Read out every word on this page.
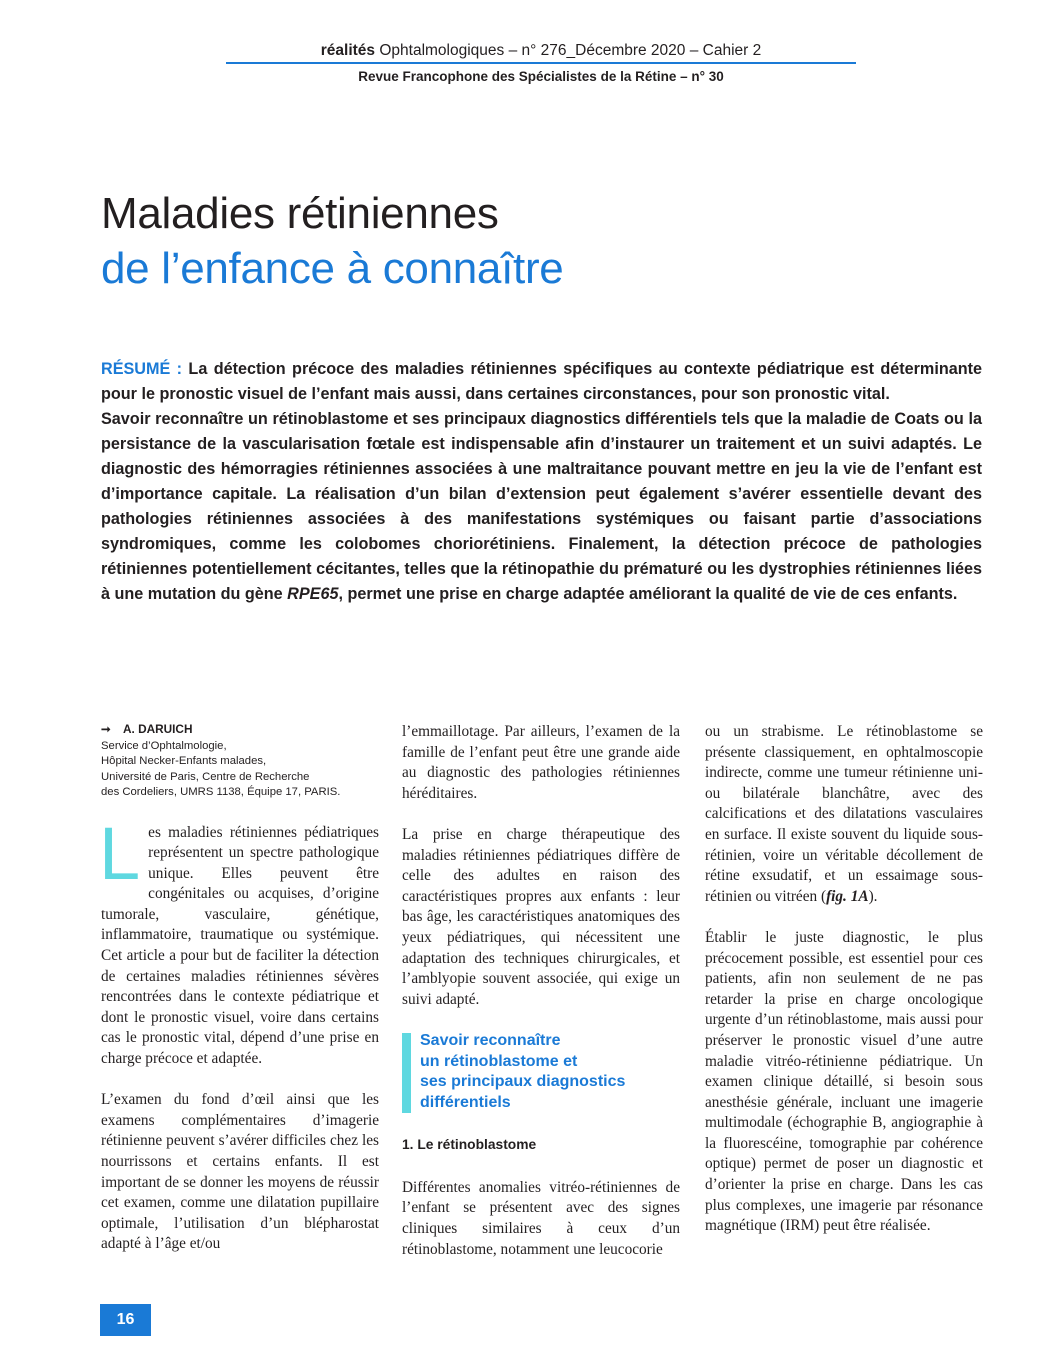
réalités Ophtalmologiques – n° 276_Décembre 2020 – Cahier 2
Revue Francophone des Spécialistes de la Rétine – n° 30
Maladies rétiniennes
de l’enfance à connaître

RÉSUMÉ : La détection précoce des maladies rétiniennes spécifiques au contexte pédiatrique est déterminante pour le pronostic visuel de l’enfant mais aussi, dans certaines circonstances, pour son pronostic vital.

Savoir reconnaître un rétinoblastome et ses principaux diagnostics différentiels tels que la maladie de Coats ou la persistance de la vascularisation fœtale est indispensable afin d’instaurer un traitement et un suivi adaptés. Le diagnostic des hémorragies rétiniennes associées à une maltraitance pouvant mettre en jeu la vie de l’enfant est d’importance capitale. La réalisation d’un bilan d’extension peut également s’avérer essentielle devant des pathologies rétiniennes associées à des manifestations systémiques ou faisant partie d’associations syndromiques, comme les colobomes choriorétiniens. Finalement, la détection précoce de pathologies rétiniennes potentiellement cécitantes, telles que la rétinopathie du prématuré ou les dystrophies rétiniennes liées à une mutation du gène RPE65, permet une prise en charge adaptée améliorant la qualité de vie de ces enfants.

➞ A. DARUICH
Service d’Ophtalmologie,
Hôpital Necker-Enfants malades,
Université de Paris, Centre de Recherche
des Cordeliers, UMRS 1138, Équipe 17, PARIS.

Les maladies rétiniennes pédiatriques représentent un spectre pathologique unique. Elles peuvent être congénitales ou acquises, d’origine tumorale, vasculaire, génétique, inflammatoire, traumatique ou systémique. Cet article a pour but de faciliter la détection de certaines maladies rétiniennes sévères rencontrées dans le contexte pédiatrique et dont le pronostic visuel, voire dans certains cas le pronostic vital, dépend d’une prise en charge précoce et adaptée.

L’examen du fond d’œil ainsi que les examens complémentaires d’imagerie rétinienne peuvent s’avérer difficiles chez les nourrissons et certains enfants. Il est important de se donner les moyens de réussir cet examen, comme une dilatation pupillaire optimale, l’utilisation d’un blépharostat adapté à l’âge et/ou

l’emmaillotage. Par ailleurs, l’examen de la famille de l’enfant peut être une grande aide au diagnostic des pathologies rétiniennes héréditaires.

La prise en charge thérapeutique des maladies rétiniennes pédiatriques diffère de celle des adultes en raison des caractéristiques propres aux enfants : leur bas âge, les caractéristiques anatomiques des yeux pédiatriques, qui nécessitent une adaptation des techniques chirurgicales, et l’amblyopie souvent associée, qui exige un suivi adapté.

Savoir reconnaître
un rétinoblastome et
ses principaux diagnostics
différentiels
1. Le rétinoblastome

Différentes anomalies vitréo-rétiniennes de l’enfant se présentent avec des signes cliniques similaires à ceux d’un rétinoblastome, notamment une leucocorie

ou un strabisme. Le rétinoblastome se présente classiquement, en ophtalmoscopie indirecte, comme une tumeur rétinienne uni- ou bilatérale blanchâtre, avec des calcifications et des dilatations vasculaires en surface. Il existe souvent du liquide sous-rétinien, voire un véritable décollement de rétine exsudatif, et un essaimage sous-rétinien ou vitréen (fig. 1A).

Établir le juste diagnostic, le plus précocement possible, est essentiel pour ces patients, afin non seulement de ne pas retarder la prise en charge oncologique urgente d’un rétinoblastome, mais aussi pour préserver le pronostic visuel d’une autre maladie vitréo-rétinienne pédiatrique. Un examen clinique détaillé, si besoin sous anesthésie générale, incluant une imagerie multimodale (échographie B, angiographie à la fluorescéine, tomographie par cohérence optique) permet de poser un diagnostic et d’orienter la prise en charge. Dans les cas plus complexes, une imagerie par résonance magnétique (IRM) peut être réalisée.

16
